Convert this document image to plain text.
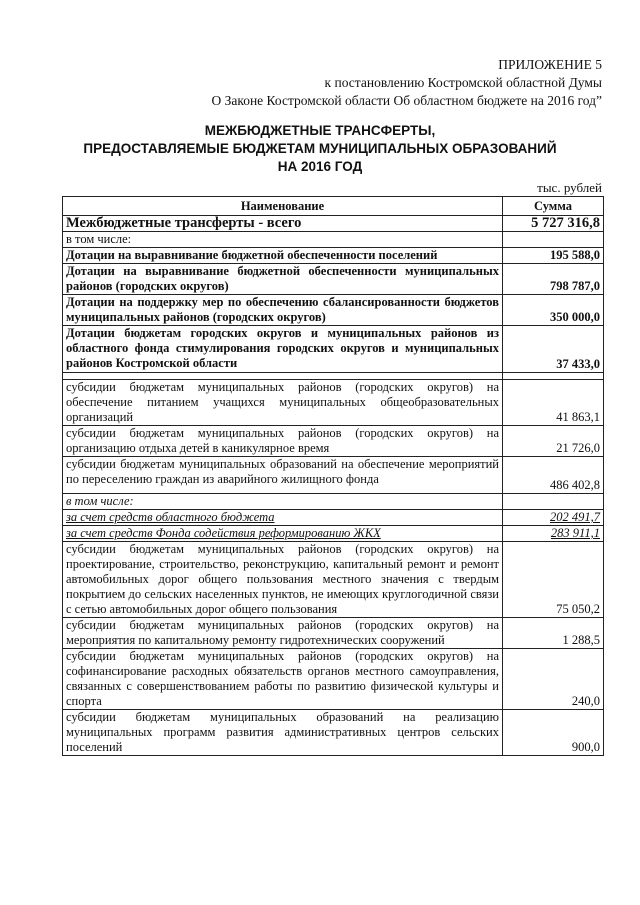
ПРИЛОЖЕНИЕ 5
к постановлению Костромской областной Думы
О Законе Костромской области Об областном бюджете на 2016 год”
МЕЖБЮДЖЕТНЫЕ ТРАНСФЕРТЫ,
ПРЕДОСТАВЛЯЕМЫЕ БЮДЖЕТАМ МУНИЦИПАЛЬНЫХ ОБРАЗОВАНИЙ
НА 2016 ГОД
тыс. рублей
Наименование	Сумма
Межбюджетные трансферты - всего	5 727 316,8
в том числе:	
Дотации на выравнивание бюджетной обеспеченности поселений	195 588,0
Дотации на выравнивание бюджетной обеспеченности муниципальных районов (городских округов)	798 787,0
Дотации на поддержку мер по обеспечению сбалансированности бюджетов муниципальных районов (городских округов)	350 000,0
Дотации бюджетам городских округов и муниципальных районов из областного фонда стимулирования городских округов и муниципальных районов Костромской области	37 433,0

субсидии бюджетам муниципальных районов (городских округов) на обеспечение питанием учащихся муниципальных общеобразовательных организаций	41 863,1
субсидии бюджетам муниципальных районов (городских округов) на организацию отдыха детей в каникулярное время	21 726,0
субсидии бюджетам муниципальных образований на обеспечение мероприятий по переселению граждан из аварийного жилищного фонда	486 402,8
в том числе:	
за счет средств областного бюджета	202 491,7
за счет средств Фонда содействия реформированию ЖКХ	283 911,1
субсидии бюджетам муниципальных районов (городских округов) на проектирование, строительство, реконструкцию, капитальный ремонт и ремонт автомобильных дорог общего пользования местного значения с твердым покрытием до сельских населенных пунктов, не имеющих круглогодичной связи с сетью автомобильных дорог общего пользования	75 050,2
субсидии бюджетам муниципальных районов (городских округов) на мероприятия по капитальному ремонту гидротехнических сооружений	1 288,5
субсидии бюджетам муниципальных районов (городских округов) на софинансирование расходных обязательств органов местного самоуправления, связанных с совершенствованием работы по развитию физической культуры и спорта	240,0
субсидии бюджетам муниципальных образований на реализацию муниципальных программ развития административных центров сельских поселений	900,0
